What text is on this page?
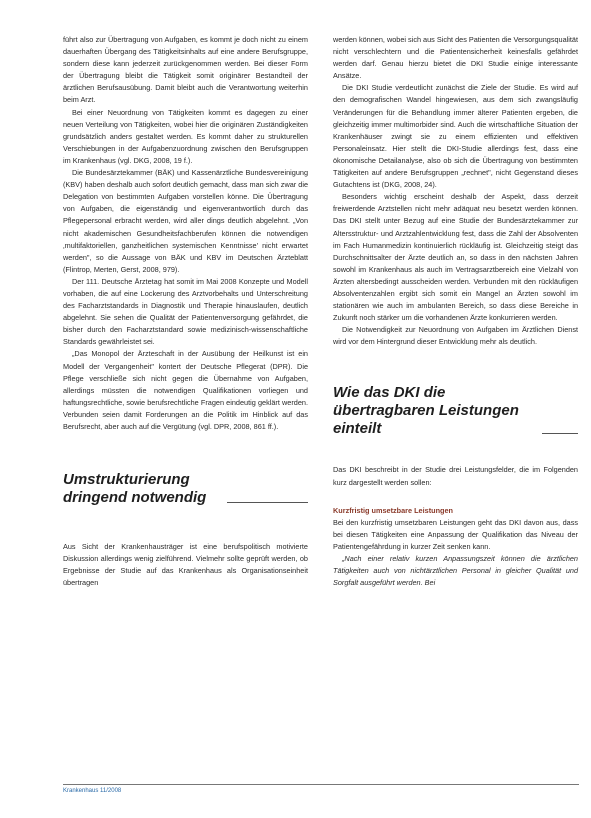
führt also zur Übertragung von Aufgaben, es kommt je doch nicht zu einem dauerhaften Übergang des Tätigkeitsinhalts auf eine andere Berufsgruppe, sondern diese kann jederzeit zurückgenommen werden. Bei dieser Form der Übertragung bleibt die Tätigkeit somit originärer Bestandteil der ärztlichen Berufsausübung. Damit bleibt auch die Verantwortung weiterhin beim Arzt.

Bei einer Neuordnung von Tätigkeiten kommt es dagegen zu einer neuen Verteilung von Tätigkeiten, wobei hier die originären Zuständigkeiten grundsätzlich anders gestaltet werden. Es kommt daher zu strukturellen Verschiebungen in der Aufgabenzuordnung zwischen den Berufsgruppen im Krankenhaus (vgl. DKG, 2008, 19 f.).

Die Bundesärztekammer (BÄK) und Kassenärztliche Bundesvereinigung (KBV) haben deshalb auch sofort deutlich gemacht, dass man sich zwar die Delegation von bestimmten Aufgaben vorstellen könne. Die Übertragung von Aufgaben, die eigenständig und eigenverantwortlich durch das Pflegepersonal erbracht werden, wird aller dings deutlich abgelehnt. „Von nicht akademischen Gesundheitsfachberufen können die notwendigen ‚multifaktoriellen, ganzheitlichen systemischen Kenntnisse' nicht erwartet werden", so die Aussage von BÄK und KBV im Deutschen Ärzteblatt (Flintrop, Merten, Gerst, 2008, 979).

Der 111. Deutsche Ärztetag hat somit im Mai 2008 Konzepte und Modell vorhaben, die auf eine Lockerung des Arztvorbehalts und Unterschreitung des Facharztstandards in Diagnostik und Therapie hinauslaufen, deutlich abgelehnt. Sie sehen die Qualität der Patientenversorgung gefährdet, die bisher durch den Facharztstandard sowie medizinisch-wissenschaftliche Standards gewährleistet sei.

„Das Monopol der Ärzteschaft in der Ausübung der Heilkunst ist ein Modell der Vergangenheit" kontert der Deutsche Pflegerat (DPR). Die Pflege verschließe sich nicht gegen die Übernahme von Aufgaben, allerdings müssten die notwendigen Qualifikationen vorliegen und haftungsrechtliche, sowie berufsrechtliche Fragen eindeutig geklärt werden. Verbunden seien damit Forderungen an die Politik im Hinblick auf das Berufsrecht, aber auch auf die Vergütung (vgl. DPR, 2008, 861 ff.).

Umstrukturierung dringend notwendig

Aus Sicht der Krankenhausträger ist eine berufspolitisch motivierte Diskussion allerdings wenig zielführend. Vielmehr sollte geprüft werden, ob Ergebnisse der Studie auf das Krankenhaus als Organisationseinheit übertragen

werden können, wobei sich aus Sicht des Patienten die Versorgungsqualität nicht verschlechtern und die Patientensicherheit keinesfalls gefährdet werden darf. Genau hierzu bietet die DKI Studie einige interessante Ansätze.

Die DKI Studie verdeutlicht zunächst die Ziele der Studie. Es wird auf den demografischen Wandel hingewiesen, aus dem sich zwangsläufig Veränderungen für die Behandlung immer älterer Patienten ergeben, die gleichzeitig immer multimorbider sind. Auch die wirtschaftliche Situation der Krankenhäuser zwingt sie zu einem effizienten und effektiven Personaleinsatz. Hier stellt die DKI-Studie allerdings fest, dass eine ökonomische Detailanalyse, also ob sich die Übertragung von bestimmten Tätigkeiten auf andere Berufsgruppen „rechnet", nicht Gegenstand dieses Gutachtens ist (DKG, 2008, 24).

Besonders wichtig erscheint deshalb der Aspekt, dass derzeit freiwerdende Arztstellen nicht mehr adäquat neu besetzt werden können. Das DKI stellt unter Bezug auf eine Studie der Bundesärztekammer zur Altersstruktur- und Arztzahlentwicklung fest, dass die Zahl der Absolventen im Fach Humanmedizin kontinuierlich rückläufig ist. Gleichzeitig steigt das Durchschnittsalter der Ärzte deutlich an, so dass in den nächsten Jahren sowohl im Krankenhaus als auch im Vertragsarztbereich eine Vielzahl von Ärzten altersbedingt ausscheiden werden. Verbunden mit den rückläufigen Absolventenzahlen ergibt sich somit ein Mangel an Ärzten sowohl im stationären wie auch im ambulanten Bereich, so dass diese Bereiche in Zukunft noch stärker um die vorhandenen Ärzte konkurrieren werden.

Die Notwendigkeit zur Neuordnung von Aufgaben im Ärztlichen Dienst wird vor dem Hintergrund dieser Entwicklung mehr als deutlich.

Wie das DKI die übertragbaren Leistungen einteilt

Das DKI beschreibt in der Studie drei Leistungsfelder, die im Folgenden kurz dargestellt werden sollen:

Kurzfristig umsetzbare Leistungen

Bei den kurzfristig umsetzbaren Leistungen geht das DKI davon aus, dass bei diesen Tätigkeiten eine Anpassung der Qualifikation das Niveau der Patientengefährdung in kurzer Zeit senken kann.

„Nach einer relativ kurzen Anpassungszeit können die ärztlichen Tätigkeiten auch von nichtärztlichen Personal in gleicher Qualität und Sorgfalt ausgeführt werden. Bei

Krankenhaus 11/2008
